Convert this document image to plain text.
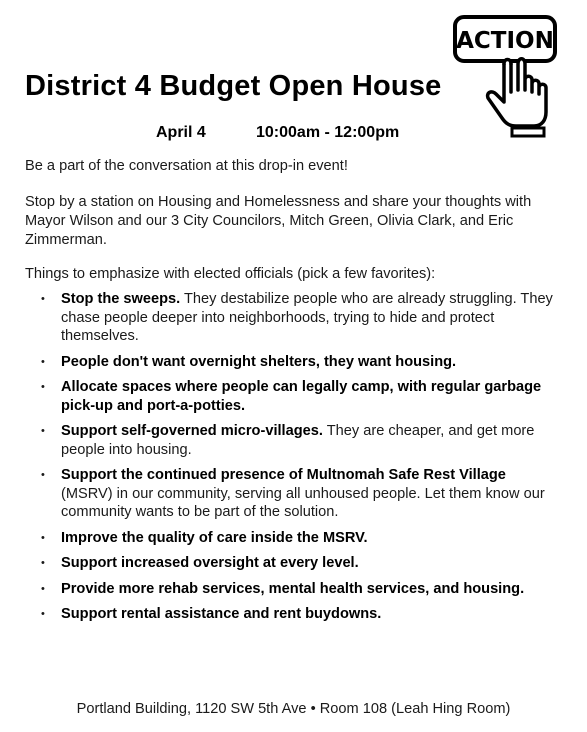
ACTION
District 4 Budget Open House
April 4	10:00am - 12:00pm

Be a part of the conversation at this drop-in event!

Stop by a station on Housing and Homelessness and share your thoughts with Mayor Wilson and our 3 City Councilors, Mitch Green, Olivia Clark, and Eric Zimmerman.

Things to emphasize with elected officials (pick a few favorites):

• Stop the sweeps. They destabilize people who are already struggling. They chase people deeper into neighborhoods, trying to hide and protect themselves.
• People don't want overnight shelters, they want housing.
• Allocate spaces where people can legally camp, with regular garbage pick-up and port-a-potties.
• Support self-governed micro-villages. They are cheaper, and get more people into housing.
• Support the continued presence of Multnomah Safe Rest Village (MSRV) in our community, serving all unhoused people. Let them know our community wants to be part of the solution.
• Improve the quality of care inside the MSRV.
• Support increased oversight at every level.
• Provide more rehab services, mental health services, and housing.
• Support rental assistance and rent buydowns.
Portland Building, 1120 SW 5th Ave • Room 108 (Leah Hing Room)
